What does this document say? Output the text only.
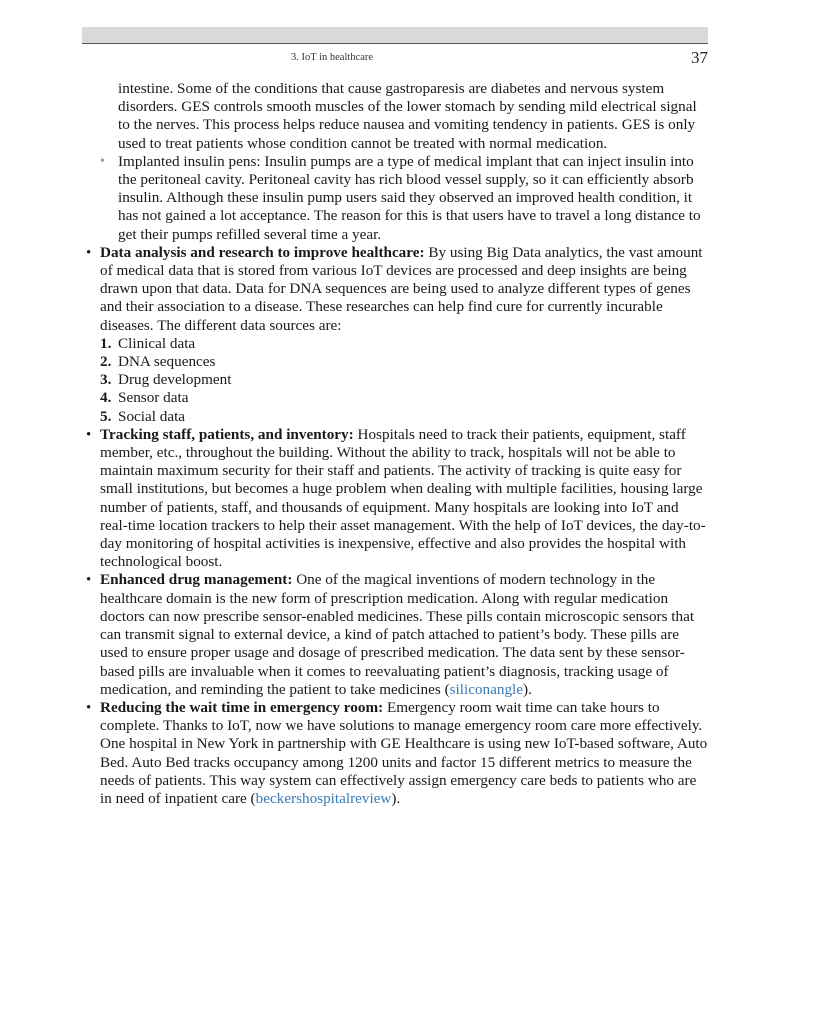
3. IoT in healthcare	37

intestine. Some of the conditions that cause gastroparesis are diabetes and nervous system disorders. GES controls smooth muscles of the lower stomach by sending mild electrical signal to the nerves. This process helps reduce nausea and vomiting tendency in patients. GES is only used to treat patients whose condition cannot be treated with normal medication.

• Implanted insulin pens: Insulin pumps are a type of medical implant that can inject insulin into the peritoneal cavity. Peritoneal cavity has rich blood vessel supply, so it can efficiently absorb insulin. Although these insulin pump users said they observed an improved health condition, it has not gained a lot acceptance. The reason for this is that users have to travel a long distance to get their pumps refilled several time a year.
• Data analysis and research to improve healthcare: By using Big Data analytics, the vast amount of medical data that is stored from various IoT devices are processed and deep insights are being drawn upon that data. Data for DNA sequences are being used to analyze different types of genes and their association to a disease. These researches can help find cure for currently incurable diseases. The different data sources are:

1. Clinical data
2. DNA sequences
3. Drug development
4. Sensor data
5. Social data
• Tracking staff, patients, and inventory: Hospitals need to track their patients, equipment, staff member, etc., throughout the building. Without the ability to track, hospitals will not be able to maintain maximum security for their staff and patients. The activity of tracking is quite easy for small institutions, but becomes a huge problem when dealing with multiple facilities, housing large number of patients, staff, and thousands of equipment. Many hospitals are looking into IoT and real-time location trackers to help their asset management. With the help of IoT devices, the day-to-day monitoring of hospital activities is inexpensive, effective and also provides the hospital with technological boost.

• Enhanced drug management: One of the magical inventions of modern technology in the healthcare domain is the new form of prescription medication. Along with regular medication doctors can now prescribe sensor-enabled medicines. These pills contain microscopic sensors that can transmit signal to external device, a kind of patch attached to patient’s body. These pills are used to ensure proper usage and dosage of prescribed medication. The data sent by these sensor-based pills are invaluable when it comes to reevaluating patient’s diagnosis, tracking usage of medication, and reminding the patient to take medicines (siliconangle).

• Reducing the wait time in emergency room: Emergency room wait time can take hours to complete. Thanks to IoT, now we have solutions to manage emergency room care more effectively. One hospital in New York in partnership with GE Healthcare is using new IoT-based software, Auto Bed. Auto Bed tracks occupancy among 1200 units and factor 15 different metrics to measure the needs of patients. This way system can effectively assign emergency care beds to patients who are in need of inpatient care (beckershospitalreview).
